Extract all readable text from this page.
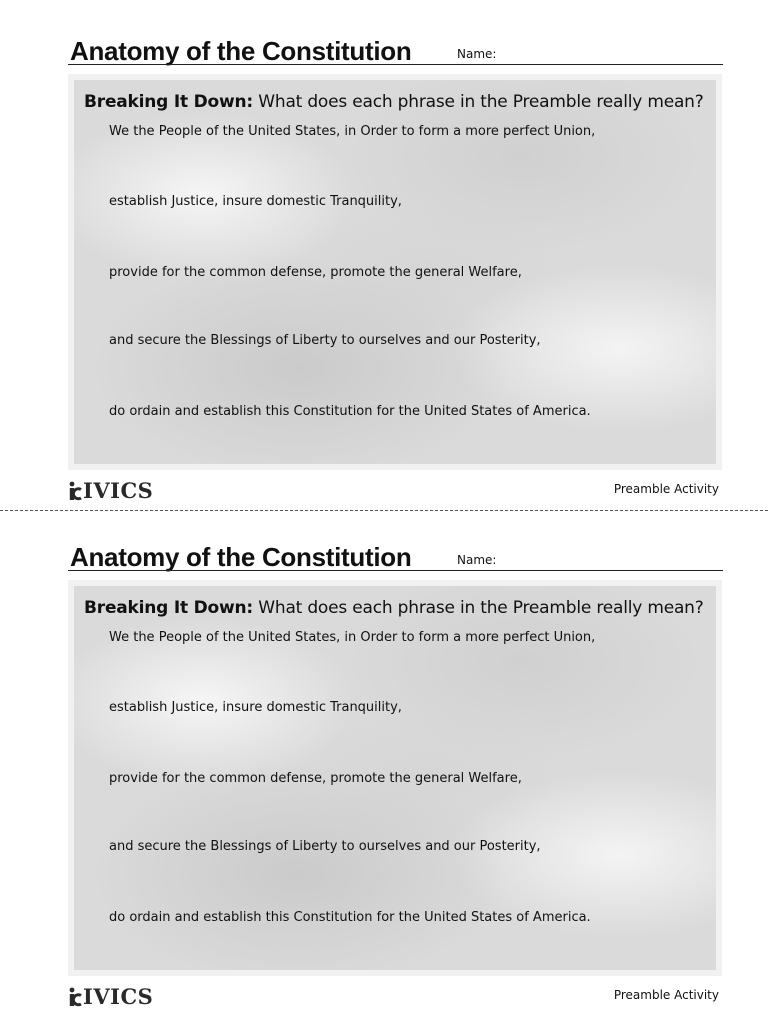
Anatomy of the Constitution	Name:
Breaking It Down: What does each phrase in the Preamble really mean?
We the People of the United States, in Order to form a more perfect Union,
establish Justice, insure domestic Tranquility,
provide for the common defense, promote the general Welfare,
and secure the Blessings of Liberty to ourselves and our Posterity,
do ordain and establish this Constitution for the United States of America.
IVICS	Preamble Activity
Anatomy of the Constitution	Name:
Breaking It Down: What does each phrase in the Preamble really mean?
We the People of the United States, in Order to form a more perfect Union,
establish Justice, insure domestic Tranquility,
provide for the common defense, promote the general Welfare,
and secure the Blessings of Liberty to ourselves and our Posterity,
do ordain and establish this Constitution for the United States of America.
IVICS	Preamble Activity
